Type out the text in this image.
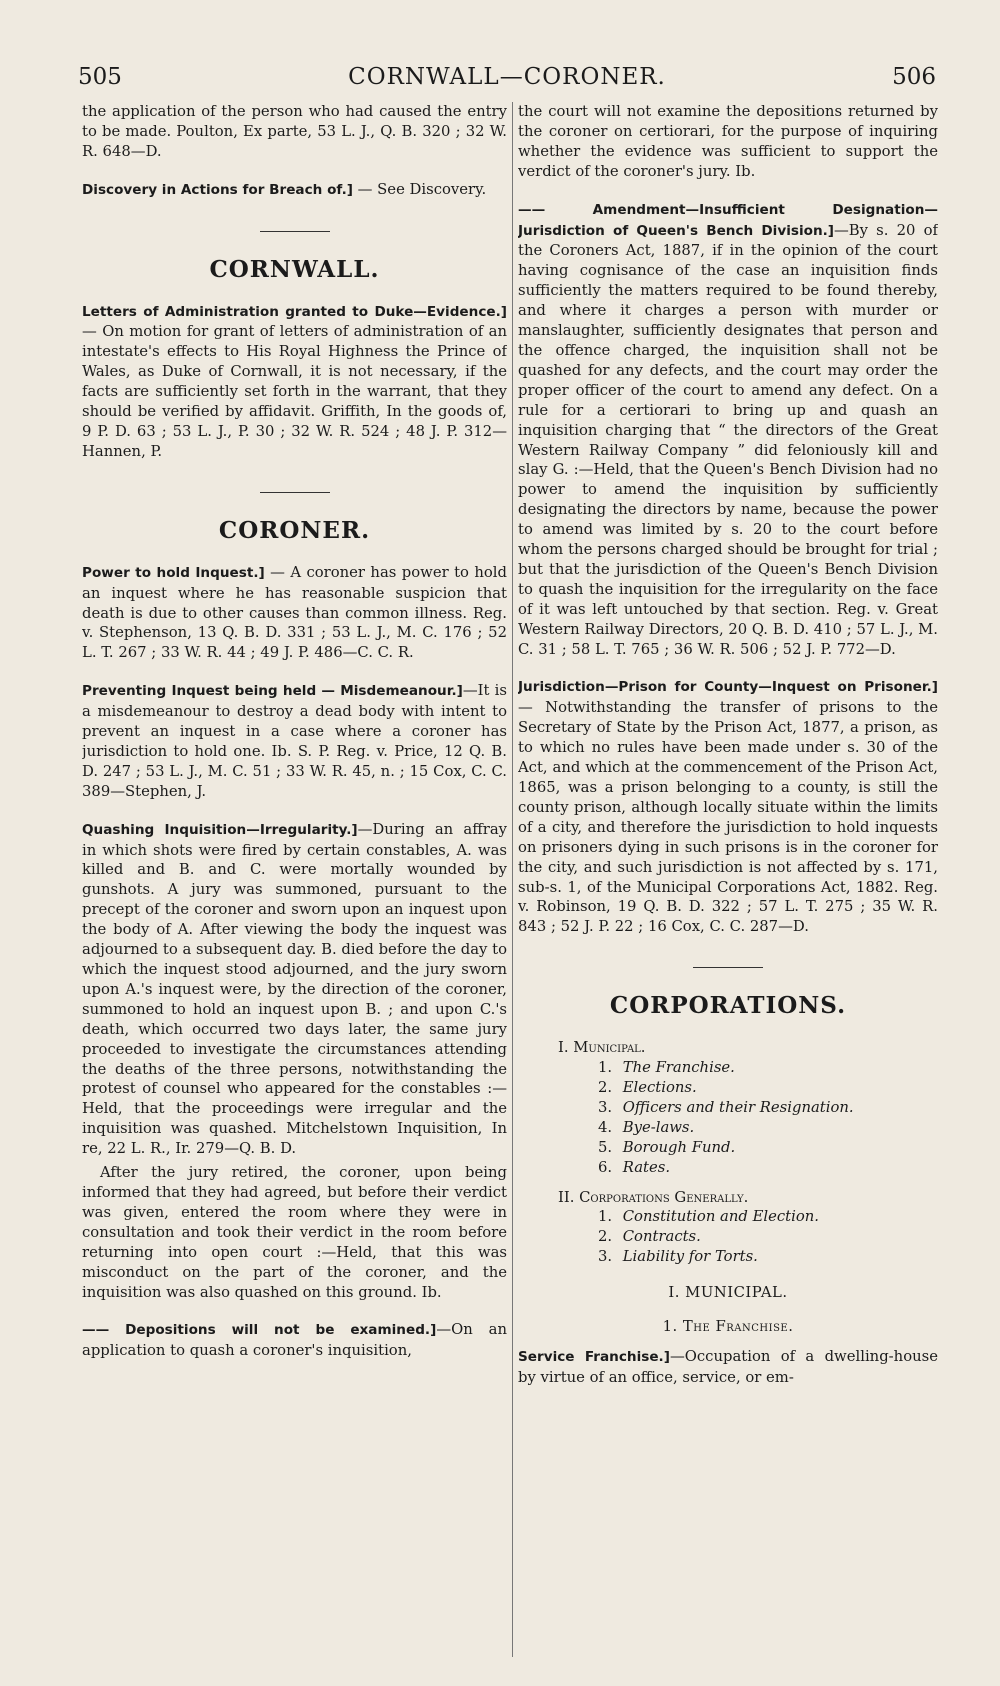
505	CORNWALL—CORONER.	506

the application of the person who had caused the entry to be made. Poulton, Ex parte, 53 L. J., Q. B. 320 ; 32 W. R. 648—D.

Discovery in Actions for Breach of.] — See Discovery.

CORNWALL.

Letters of Administration granted to Duke—Evidence.]— On motion for grant of letters of administration of an intestate's effects to His Royal Highness the Prince of Wales, as Duke of Cornwall, it is not necessary, if the facts are sufficiently set forth in the warrant, that they should be verified by affidavit. Griffith, In the goods of, 9 P. D. 63 ; 53 L. J., P. 30 ; 32 W. R. 524 ; 48 J. P. 312—Hannen, P.

CORONER.

Power to hold Inquest.] — A coroner has power to hold an inquest where he has reasonable suspicion that death is due to other causes than common illness. Reg. v. Stephenson, 13 Q. B. D. 331 ; 53 L. J., M. C. 176 ; 52 L. T. 267 ; 33 W. R. 44 ; 49 J. P. 486—C. C. R.

Preventing Inquest being held — Misdemeanour.]—It is a misdemeanour to destroy a dead body with intent to prevent an inquest in a case where a coroner has jurisdiction to hold one. Ib. S. P. Reg. v. Price, 12 Q. B. D. 247 ; 53 L. J., M. C. 51 ; 33 W. R. 45, n. ; 15 Cox, C. C. 389—Stephen, J.

Quashing Inquisition—Irregularity.]—During an affray in which shots were fired by certain constables, A. was killed and B. and C. were mortally wounded by gunshots. A jury was summoned, pursuant to the precept of the coroner and sworn upon an inquest upon the body of A. After viewing the body the inquest was adjourned to a subsequent day. B. died before the day to which the inquest stood adjourned, and the jury sworn upon A.'s inquest were, by the direction of the coroner, summoned to hold an inquest upon B. ; and upon C.'s death, which occurred two days later, the same jury proceeded to investigate the circumstances attending the deaths of the three persons, notwithstanding the protest of counsel who appeared for the constables :—Held, that the proceedings were irregular and the inquisition was quashed. Mitchelstown Inquisition, In re, 22 L. R., Ir. 279—Q. B. D.

After the jury retired, the coroner, upon being informed that they had agreed, but before their verdict was given, entered the room where they were in consultation and took their verdict in the room before returning into open court :—Held, that this was misconduct on the part of the coroner, and the inquisition was also quashed on this ground. Ib.

—— Depositions will not be examined.]—On an application to quash a coroner's inquisition,

the court will not examine the depositions returned by the coroner on certiorari, for the purpose of inquiring whether the evidence was sufficient to support the verdict of the coroner's jury. Ib.

—— Amendment—Insufficient Designation—Jurisdiction of Queen's Bench Division.]—By s. 20 of the Coroners Act, 1887, if in the opinion of the court having cognisance of the case an inquisition finds sufficiently the matters required to be found thereby, and where it charges a person with murder or manslaughter, sufficiently designates that person and the offence charged, the inquisition shall not be quashed for any defects, and the court may order the proper officer of the court to amend any defect. On a rule for a certiorari to bring up and quash an inquisition charging that “ the directors of the Great Western Railway Company ” did feloniously kill and slay G. :—Held, that the Queen's Bench Division had no power to amend the inquisition by sufficiently designating the directors by name, because the power to amend was limited by s. 20 to the court before whom the persons charged should be brought for trial ; but that the jurisdiction of the Queen's Bench Division to quash the inquisition for the irregularity on the face of it was left untouched by that section. Reg. v. Great Western Railway Directors, 20 Q. B. D. 410 ; 57 L. J., M. C. 31 ; 58 L. T. 765 ; 36 W. R. 506 ; 52 J. P. 772—D.

Jurisdiction—Prison for County—Inquest on Prisoner.] — Notwithstanding the transfer of prisons to the Secretary of State by the Prison Act, 1877, a prison, as to which no rules have been made under s. 30 of the Act, and which at the commencement of the Prison Act, 1865, was a prison belonging to a county, is still the county prison, although locally situate within the limits of a city, and therefore the jurisdiction to hold inquests on prisoners dying in such prisons is in the coroner for the city, and such jurisdiction is not affected by s. 171, sub-s. 1, of the Municipal Corporations Act, 1882. Reg. v. Robinson, 19 Q. B. D. 322 ; 57 L. T. 275 ; 35 W. R. 843 ; 52 J. P. 22 ; 16 Cox, C. C. 287—D.

CORPORATIONS.
I. Municipal.
1. The Franchise.
2. Elections.
3. Officers and their Resignation.
4. Bye-laws.
5. Borough Fund.
6. Rates.
II. Corporations Generally.
1. Constitution and Election.
2. Contracts.
3. Liability for Torts.
I. MUNICIPAL.
1. The Franchise.

Service Franchise.]—Occupation of a dwelling-house by virtue of an office, service, or em-
